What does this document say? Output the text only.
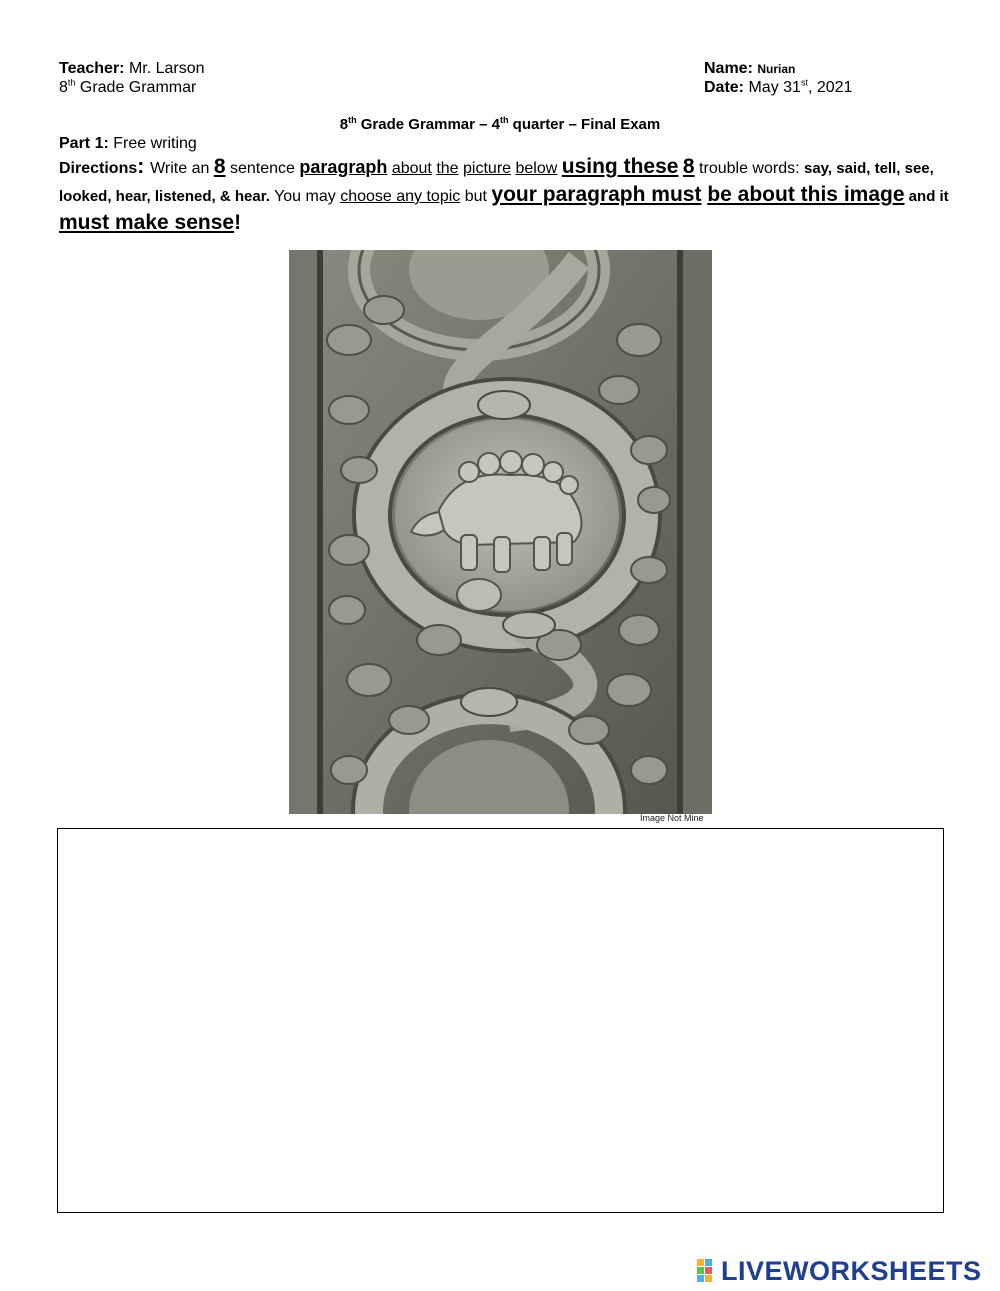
Teacher: Mr. Larson
8th Grade Grammar
Name: Nurian
Date: May 31st, 2021
8th Grade Grammar – 4th quarter – Final Exam
Part 1: Free writing
Directions: Write an 8 sentence paragraph about the picture below using these 8 trouble words: say, said, tell, see, looked, hear, listened, & hear. You may choose any topic but your paragraph must be about this image and it must make sense!
Image Not Mine
LIVEWORKSHEETS
